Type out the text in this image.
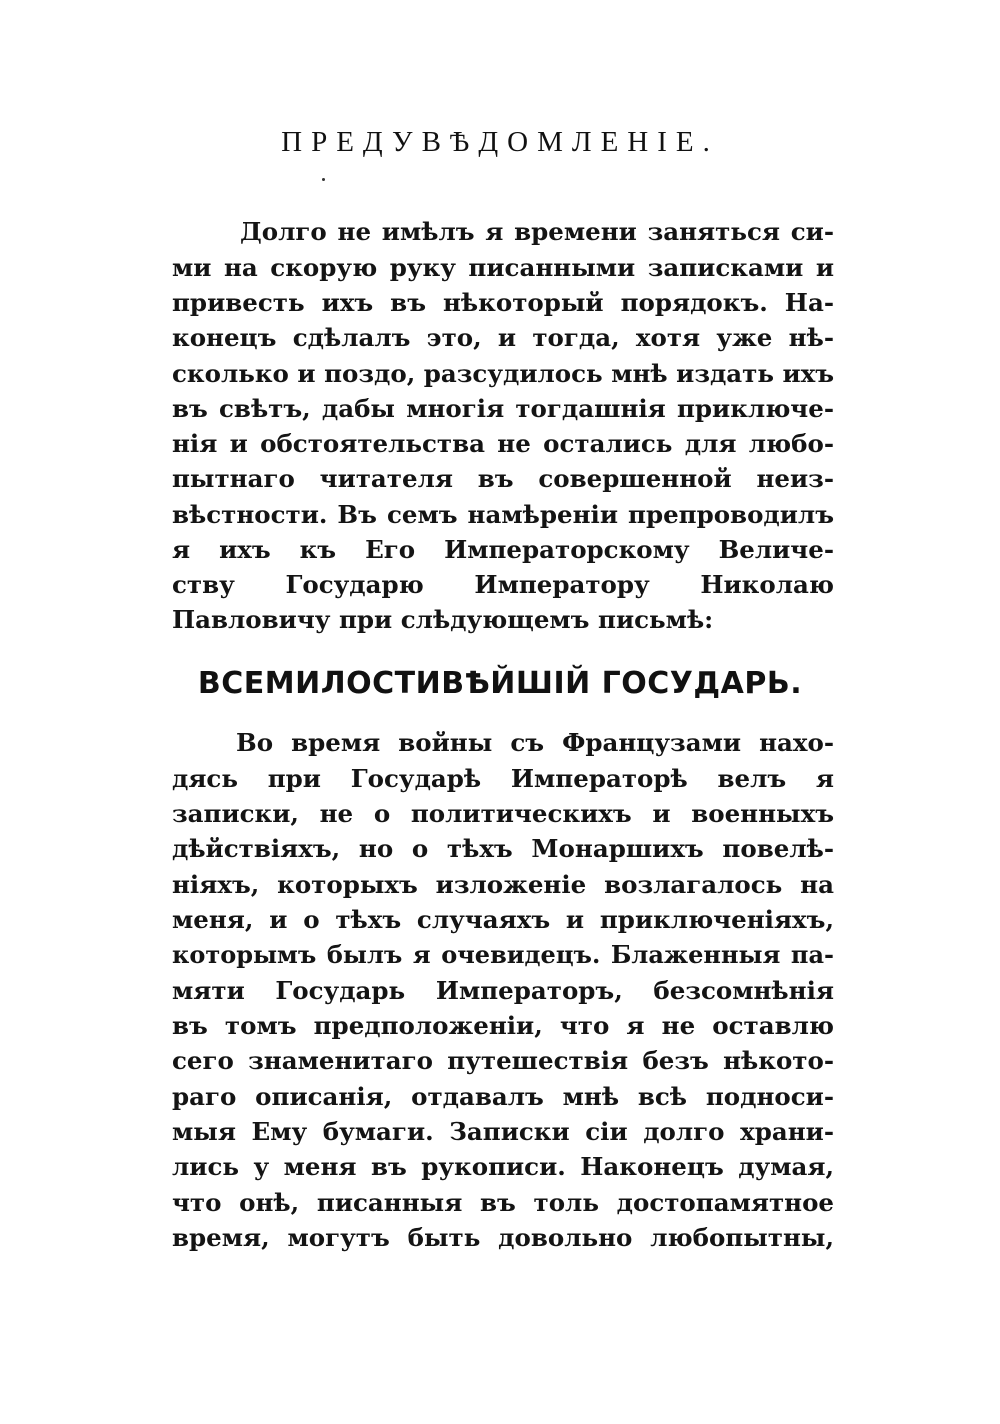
ПРЕДУВѢДОМЛЕНІЕ.
Долго не имѣлъ я времени заняться си-
ми на скорую руку писанными записками и
привесть ихъ въ нѣкоторый порядокъ. На-
конецъ сдѣлалъ это, и тогда, хотя уже нѣ-
сколько и поздо, разсудилось мнѣ издать ихъ
въ свѣтъ, дабы многія тогдашнія приключе-
нія и обстоятельства не остались для любо-
пытнаго читателя въ совершенной неиз-
вѣстности. Въ семъ намѣреніи препроводилъ
я ихъ къ Его Императорскому Величе-
ству Государю Императору Николаю
Павловичу при слѣдующемъ письмѣ:
ВСЕМИЛОСТИВѢЙШІЙ ГОСУДАРЬ.
Во время войны съ Французами нахо-
дясь при Государѣ Императорѣ велъ я
записки, не о политическихъ и военныхъ
дѣйствіяхъ, но о тѣхъ Монаршихъ повелѣ-
ніяхъ, которыхъ изложеніе возлагалось на
меня, и о тѣхъ случаяхъ и приключеніяхъ,
которымъ былъ я очевидецъ. Блаженныя па-
мяти Государь Императоръ, безсомнѣнія
въ томъ предположеніи, что я не оставлю
сего знаменитаго путешествія безъ нѣкото-
раго описанія, отдавалъ мнѣ всѣ подноси-
мыя Ему бумаги. Записки сіи долго храни-
лись у меня въ рукописи. Наконецъ думая,
что онѣ, писанныя въ толь достопамятное
время, могутъ быть довольно любопытны,
